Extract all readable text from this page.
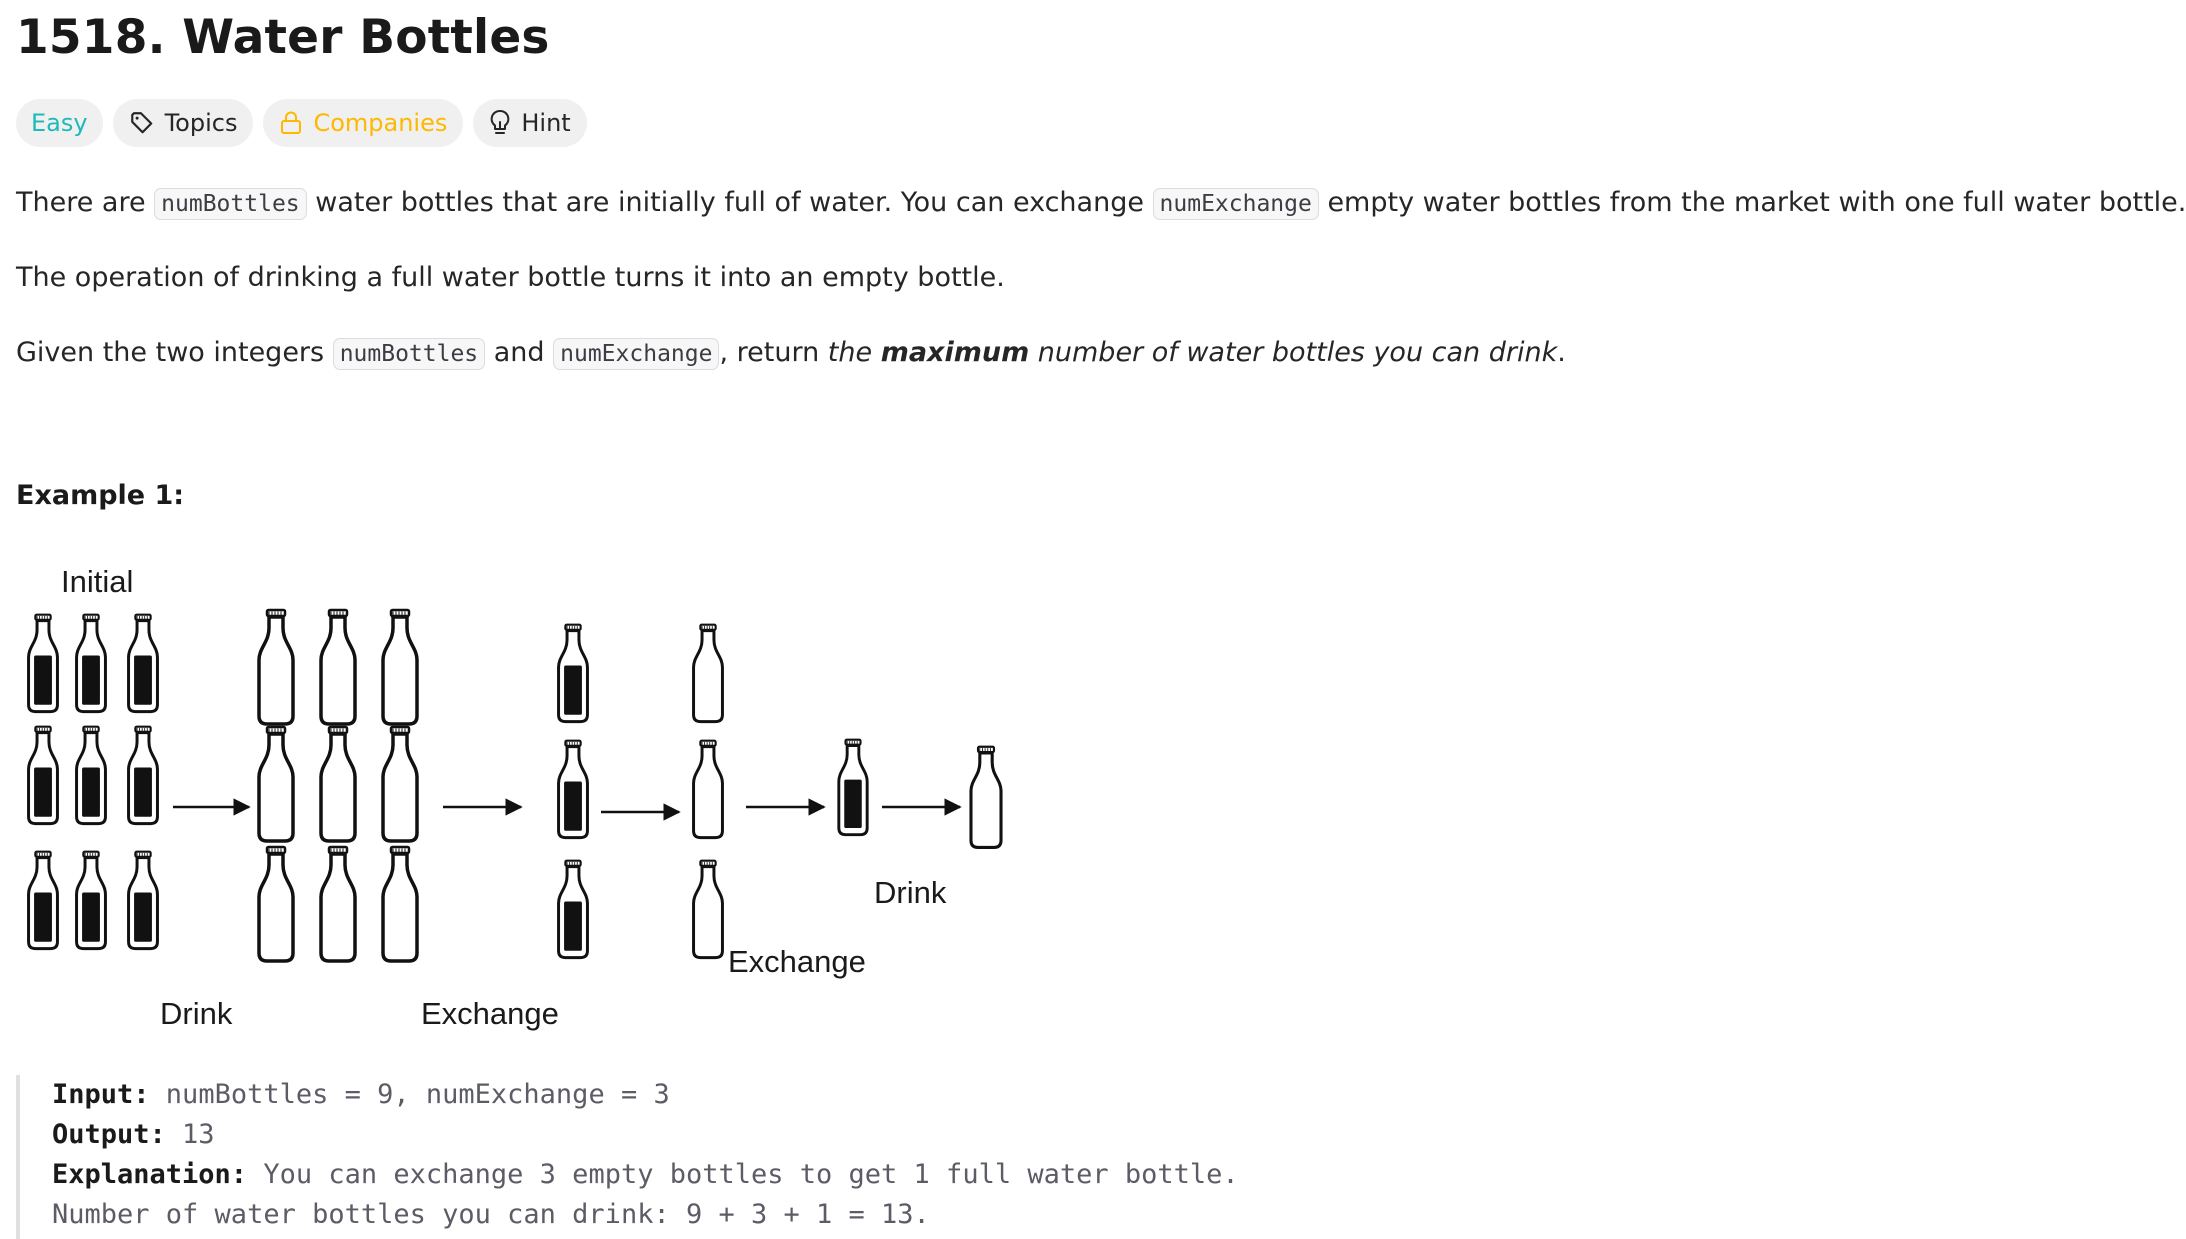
1518. Water Bottles
Easy	Topics	Companies	Hint
There are numBottles water bottles that are initially full of water. You can exchange numExchange empty water bottles from the market with one full water bottle.
The operation of drinking a full water bottle turns it into an empty bottle.
Given the two integers numBottles and numExchange , return the maximum number of water bottles you can drink.
Example 1:
Input: numBottles = 9, numExchange = 3
Output: 13
Explanation: You can exchange 3 empty bottles to get 1 full water bottle.
Number of water bottles you can drink: 9 + 3 + 1 = 13.
Initial
Drink	Exchange
Exchange
Drink
